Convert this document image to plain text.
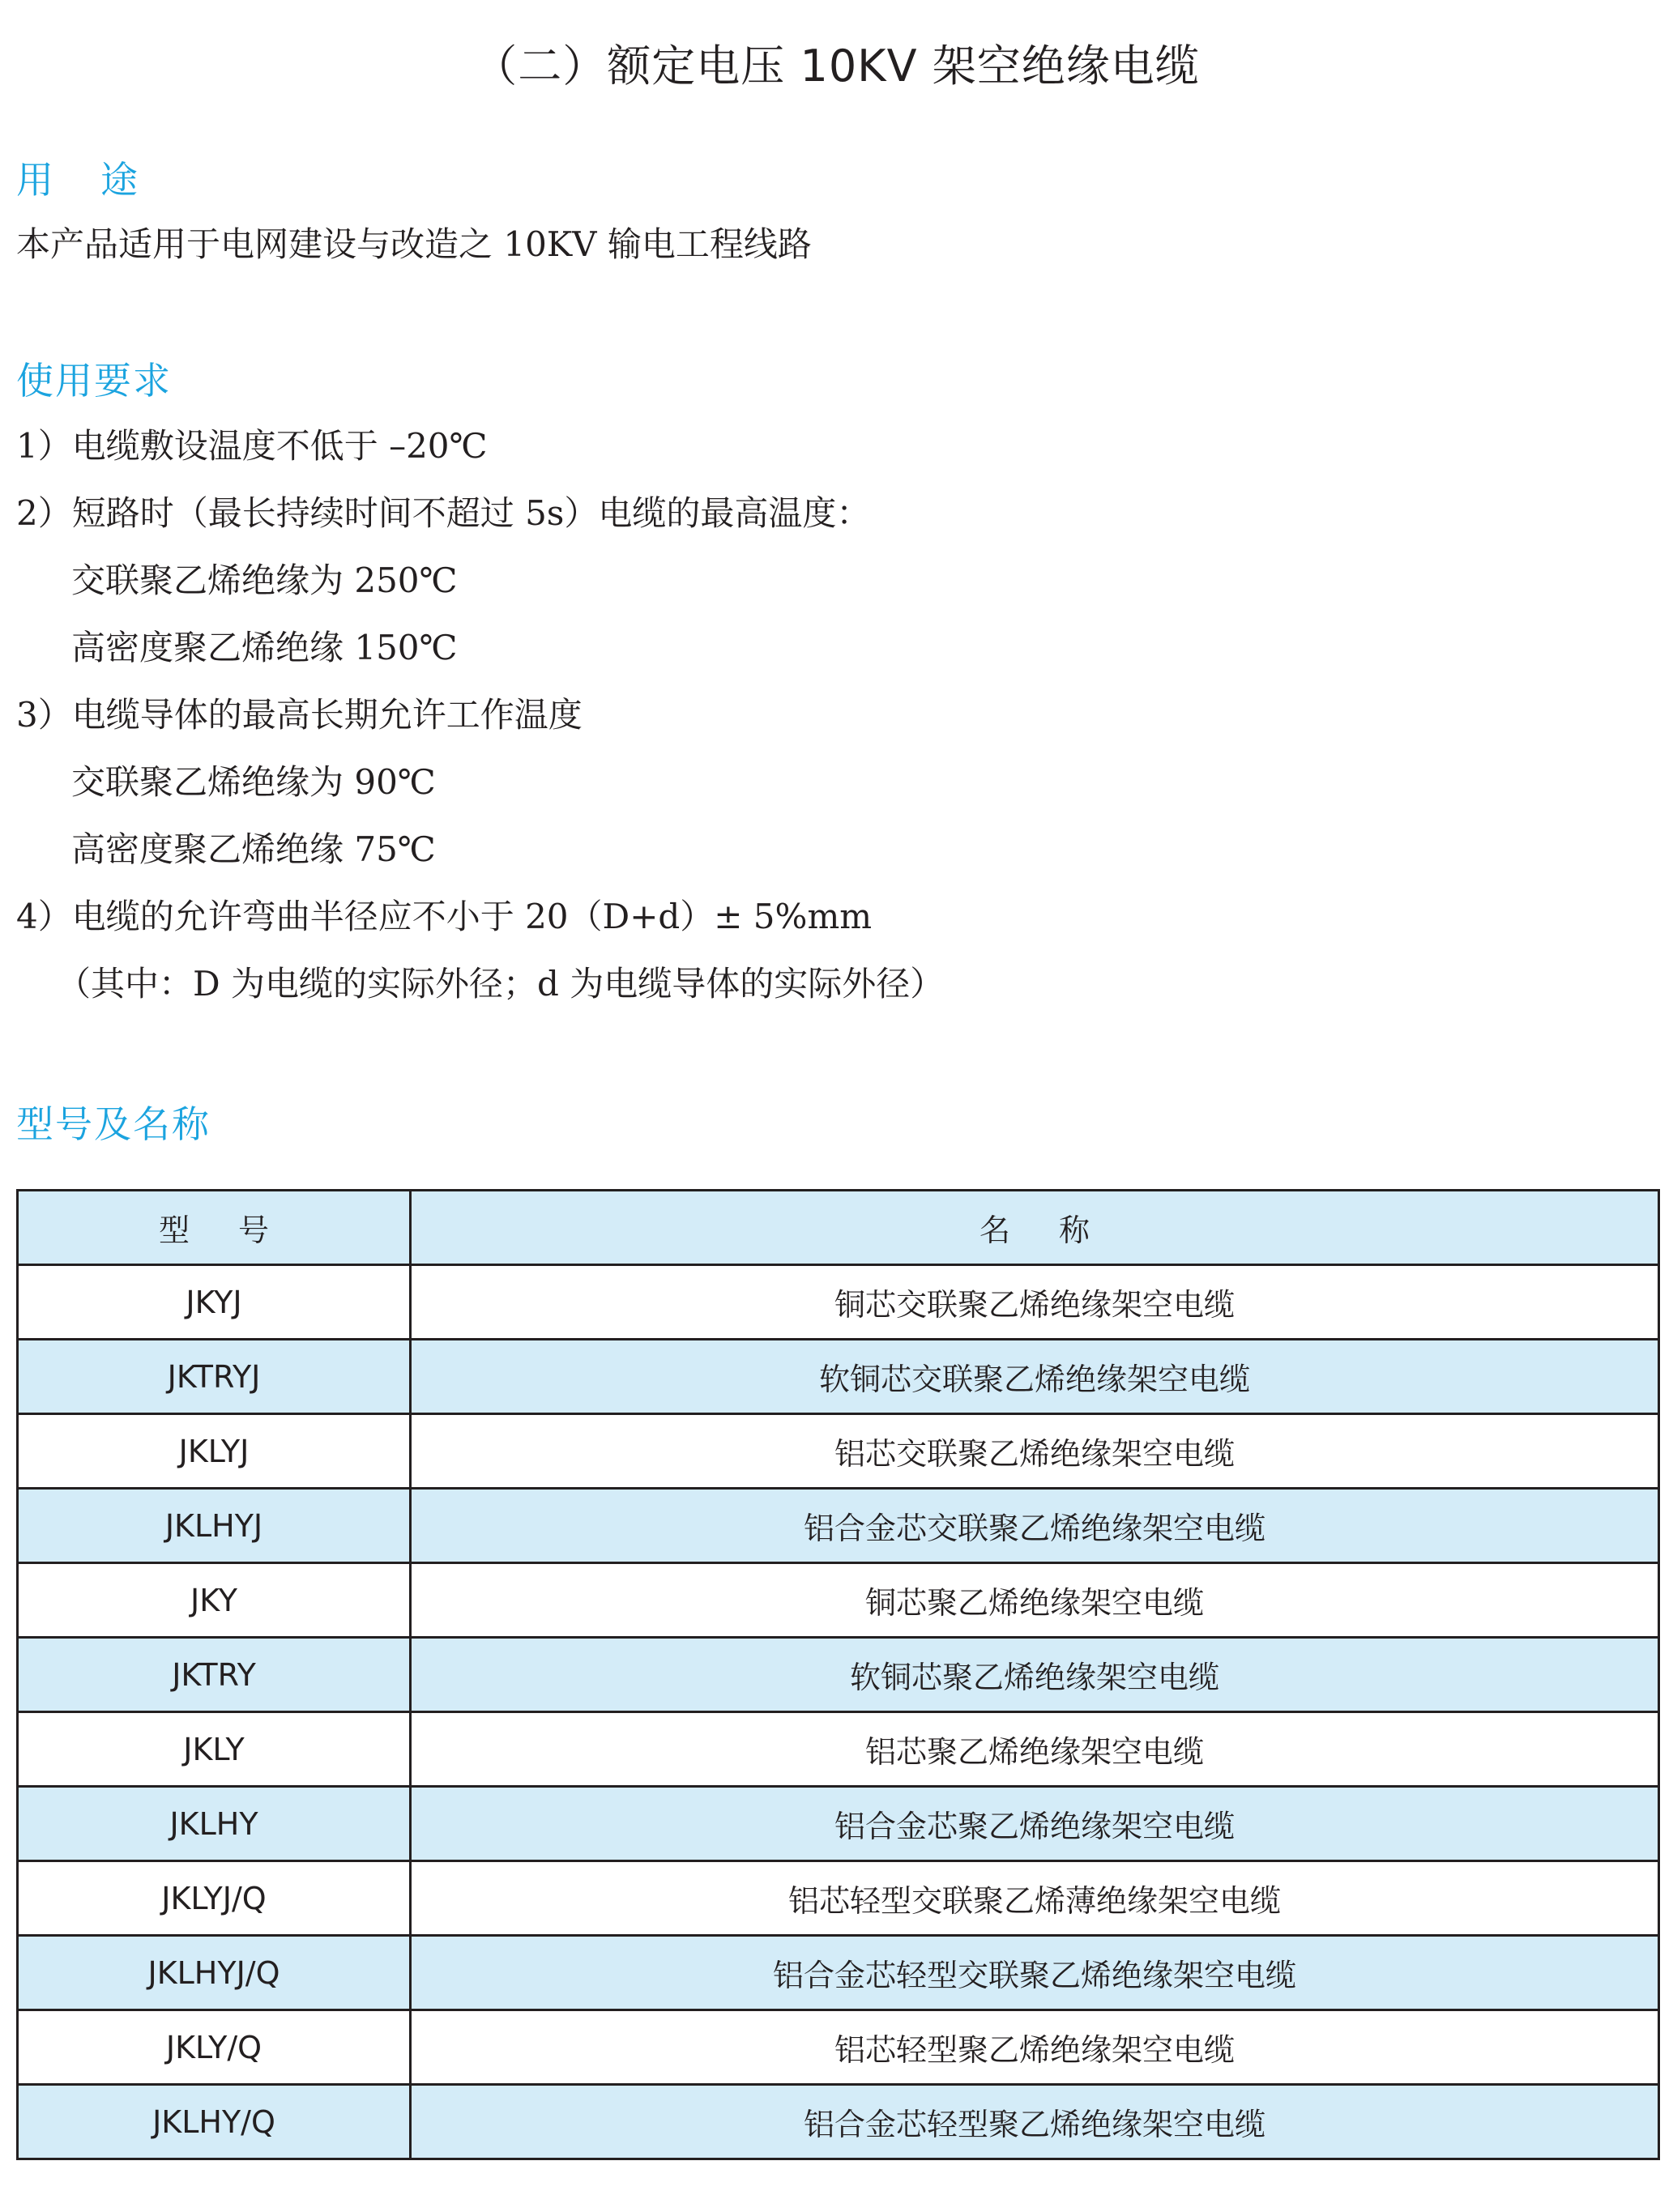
（二）额定电压 10KV 架空绝缘电缆
用 途
本产品适用于电网建设与改造之 10KV 输电工程线路
使用要求
1）电缆敷设温度不低于 –20℃
2）短路时（最长持续时间不超过 5s）电缆的最高温度：
交联聚乙烯绝缘为 250℃
高密度聚乙烯绝缘 150℃
3）电缆导体的最高长期允许工作温度
交联聚乙烯绝缘为 90℃
高密度聚乙烯绝缘 75℃
4）电缆的允许弯曲半径应不小于 20（D+d）± 5%mm
（其中：D 为电缆的实际外径；d 为电缆导体的实际外径）
型号及名称
型 号	名 称
JKYJ	铜芯交联聚乙烯绝缘架空电缆
JKTRYJ	软铜芯交联聚乙烯绝缘架空电缆
JKLYJ	铝芯交联聚乙烯绝缘架空电缆
JKLHYJ	铝合金芯交联聚乙烯绝缘架空电缆
JKY	铜芯聚乙烯绝缘架空电缆
JKTRY	软铜芯聚乙烯绝缘架空电缆
JKLY	铝芯聚乙烯绝缘架空电缆
JKLHY	铝合金芯聚乙烯绝缘架空电缆
JKLYJ/Q	铝芯轻型交联聚乙烯薄绝缘架空电缆
JKLHYJ/Q	铝合金芯轻型交联聚乙烯绝缘架空电缆
JKLY/Q	铝芯轻型聚乙烯绝缘架空电缆
JKLHY/Q	铝合金芯轻型聚乙烯绝缘架空电缆
